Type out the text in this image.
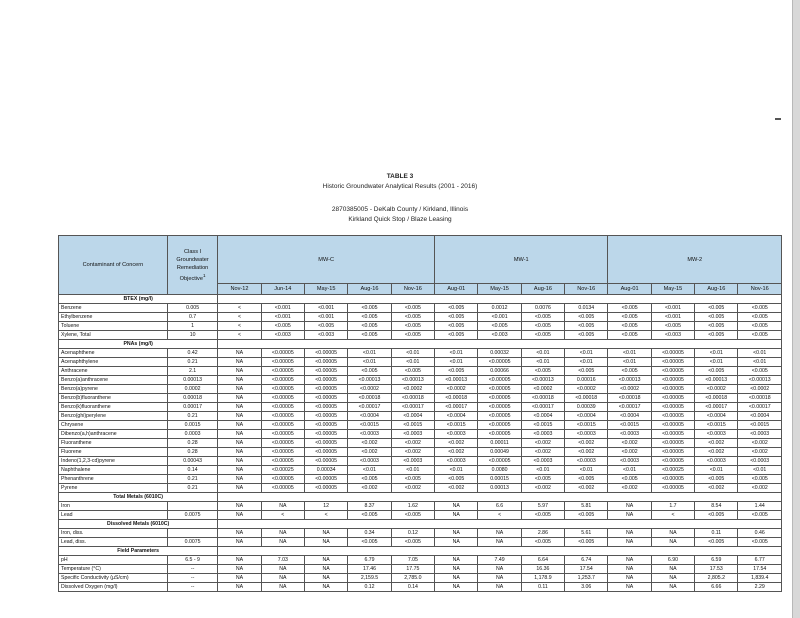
TABLE 3
Historic Groundwater Analytical Results (2001 - 2016)
2870385005 - DeKalb County / Kirkland, Illinois
Kirkland Quick Stop / Blaze Leasing
Contaminant of Concern	Class I Groundwater Remediation Objective$^1$	MW-C					MW-1				MW-2			
		Nov-12	Jun-14	May-15	Aug-16	Nov-16	Aug-01	May-15	Aug-16	Nov-16	Aug-01	May-15	Aug-16	Nov-16
BTEX (mg/l)														
Benzene	0.005	<	<0.001	<0.001	<0.005	<0.005	<0.005	0.0012	0.0076	0.0134	<0.005	<0.001	<0.005	<0.005
Ethylbenzene	0.7	<	<0.001	<0.001	<0.005	<0.005	<0.005	<0.001	<0.005	<0.005	<0.005	<0.001	<0.005	<0.005
Toluene	1	<	<0.005	<0.005	<0.005	<0.005	<0.005	<0.005	<0.005	<0.005	<0.005	<0.005	<0.005	<0.005
Xylene, Total	10	<	<0.003	<0.003	<0.005	<0.005	<0.005	<0.003	<0.005	<0.005	<0.005	<0.003	<0.005	<0.005
PNAs (mg/l)														
Acenaphthene	0.42	NA	<0.00005	<0.00005	<0.01	<0.01	<0.01	0.00032	<0.01	<0.01	<0.01	<0.00005	<0.01	<0.01
Acenaphthylene	0.21	NA	<0.00005	<0.00005	<0.01	<0.01	<0.01	<0.00005	<0.01	<0.01	<0.01	<0.00005	<0.01	<0.01
Anthracene	2.1	NA	<0.00005	<0.00005	<0.005	<0.005	<0.005	0.00066	<0.005	<0.005	<0.005	<0.00005	<0.005	<0.005
Benzo(a)anthracene	0.00013	NA	<0.00005	<0.00005	<0.00013	<0.00013	<0.00013	<0.00005	<0.00013	0.00016	<0.00013	<0.00005	<0.00013	<0.00013
Benzo(a)pyrene	0.0002	NA	<0.00005	<0.00005	<0.0002	<0.0002	<0.0002	<0.00005	<0.0002	<0.0002	<0.0002	<0.00005	<0.0002	<0.0002
Benzo(b)fluoranthene	0.00018	NA	<0.00005	<0.00005	<0.00018	<0.00018	<0.00018	<0.00005	<0.00018	<0.00018	<0.00018	<0.00005	<0.00018	<0.00018
Benzo(k)fluoranthene	0.00017	NA	<0.00005	<0.00005	<0.00017	<0.00017	<0.00017	<0.00005	<0.00017	0.00039	<0.00017	<0.00005	<0.00017	<0.00017
Benzo(ghi)perylene	0.21	NA	<0.00005	<0.00005	<0.0004	<0.0004	<0.0004	<0.00005	<0.0004	<0.0004	<0.0004	<0.00005	<0.0004	<0.0004
Chrysene	0.0015	NA	<0.00005	<0.00005	<0.0015	<0.0015	<0.0015	<0.00005	<0.0015	<0.0015	<0.0015	<0.00005	<0.0015	<0.0015
Dibenzo(a,h)anthracene	0.0003	NA	<0.00005	<0.00005	<0.0003	<0.0003	<0.0003	<0.00005	<0.0003	<0.0003	<0.0003	<0.00005	<0.0003	<0.0003
Fluoranthene	0.28	NA	<0.00005	<0.00005	<0.002	<0.002	<0.002	0.00011	<0.002	<0.002	<0.002	<0.00005	<0.002	<0.002
Fluorene	0.28	NA	<0.00005	<0.00005	<0.002	<0.002	<0.002	0.00049	<0.002	<0.002	<0.002	<0.00005	<0.002	<0.002
Indeno(1,2,3-cd)pyrene	0.00043	NA	<0.00005	<0.00005	<0.0003	<0.0003	<0.0003	<0.00005	<0.0003	<0.0003	<0.0003	<0.00005	<0.0003	<0.0003
Naphthalene	0.14	NA	<0.00025	0.00034	<0.01	<0.01	<0.01	0.0080	<0.01	<0.01	<0.01	<0.00025	<0.01	<0.01
Phenanthrene	0.21	NA	<0.00005	<0.00005	<0.005	<0.005	<0.005	0.00015	<0.005	<0.005	<0.005	<0.00005	<0.005	<0.005
Pyrene	0.21	NA	<0.00005	<0.00005	<0.002	<0.002	<0.002	0.00013	<0.002	<0.002	<0.002	<0.00005	<0.002	<0.002
Total Metals (6010C)														
Iron		NA	NA	12	8.37	1.62	NA	6.6	5.97	5.81	NA	1.7	8.54	1.44
Lead	0.0075	NA	<	<	<0.005	<0.005	NA	<	<0.005	<0.005	NA	<	<0.005	<0.005
Dissolved Metals (6010C)														
Iron, diss.		NA	NA	NA	0.34	0.12	NA	NA	2.86	5.61	NA	NA	0.11	0.46
Lead, diss.	0.0075	NA	NA	NA	<0.005	<0.005	NA	NA	<0.005	<0.005	NA	NA	<0.005	<0.005
Field Parameters														
pH	6.5 - 9	NA	7.03	NA	6.79	7.05	NA	7.49	6.64	6.74	NA	6.90	6.59	6.77
Temperature (°C)	--	NA	NA	NA	17.46	17.75	NA	NA	16.36	17.54	NA	NA	17.53	17.54
Specific Conductivity (µS/cm)	--	NA	NA	NA	2,159.5	2,785.0	NA	NA	1,178.9	1,253.7	NA	NA	2,805.2	1,839.4
Dissolved Oxygen (mg/l)	--	NA	NA	NA	0.12	0.14	NA	NA	0.11	3.06	NA	NA	6.66	2.29
